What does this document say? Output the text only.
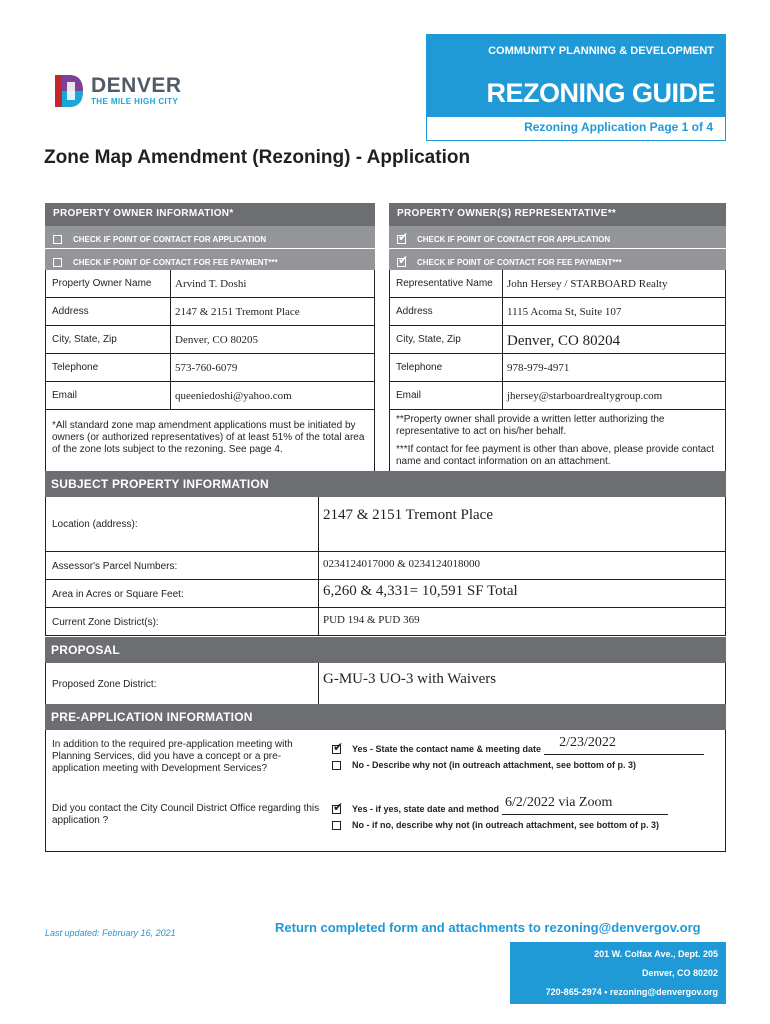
DENVER
THE MILE HIGH CITY
COMMUNITY PLANNING & DEVELOPMENT
REZONING GUIDE
Rezoning Application Page 1 of 4
Zone Map Amendment (Rezoning) - Application
PROPERTY OWNER INFORMATION*
CHECK IF POINT OF CONTACT FOR APPLICATION
CHECK IF POINT OF CONTACT FOR FEE PAYMENT***
Property Owner Name	Arvind T. Doshi
Address	2147 & 2151 Tremont Place
City, State, Zip	Denver, CO 80205
Telephone	573-760-6079
Email	queeniedoshi@yahoo.com
*All standard zone map amendment applications must be initiated by owners (or authorized representatives) of at least 51% of the total area of the zone lots subject to the rezoning. See page 4.
PROPERTY OWNER(S) REPRESENTATIVE**
✔ CHECK IF POINT OF CONTACT FOR APPLICATION
✔ CHECK IF POINT OF CONTACT FOR FEE PAYMENT***
Representative Name	John Hersey / STARBOARD Realty
Address	1115 Acoma St, Suite 107
City, State, Zip	Denver, CO 80204
Telephone	978-979-4971
Email	jhersey@starboardrealtygroup.com
**Property owner shall provide a written letter authorizing the representative to act on his/her behalf.
***If contact for fee payment is other than above, please provide contact name and contact information on an attachment.
SUBJECT PROPERTY INFORMATION
Location (address):
2147 & 2151 Tremont Place
Assessor's Parcel Numbers:	0234124017000 & 0234124018000
Area in Acres or Square Feet:	6,260 & 4,331= 10,591 SF Total
Current Zone District(s):	PUD 194 & PUD 369
PROPOSAL
Proposed Zone District:	G-MU-3 UO-3 with Waivers
PRE-APPLICATION INFORMATION
In addition to the required pre-application meeting with Planning Services, did you have a concept or a pre-application meeting with Development Services?
✔ Yes - State the contact name & meeting date 2/23/2022
No - Describe why not (in outreach attachment, see bottom of p. 3)
Did you contact the City Council District Office regarding this application ?
✔ Yes - if yes, state date and method 6/2/2022 via Zoom
No - if no, describe why not (in outreach attachment, see bottom of p. 3)
Last updated: February 16, 2021	Return completed form and attachments to rezoning@denvergov.org
201 W. Colfax Ave., Dept. 205
Denver, CO 80202
720-865-2974 • rezoning@denvergov.org
